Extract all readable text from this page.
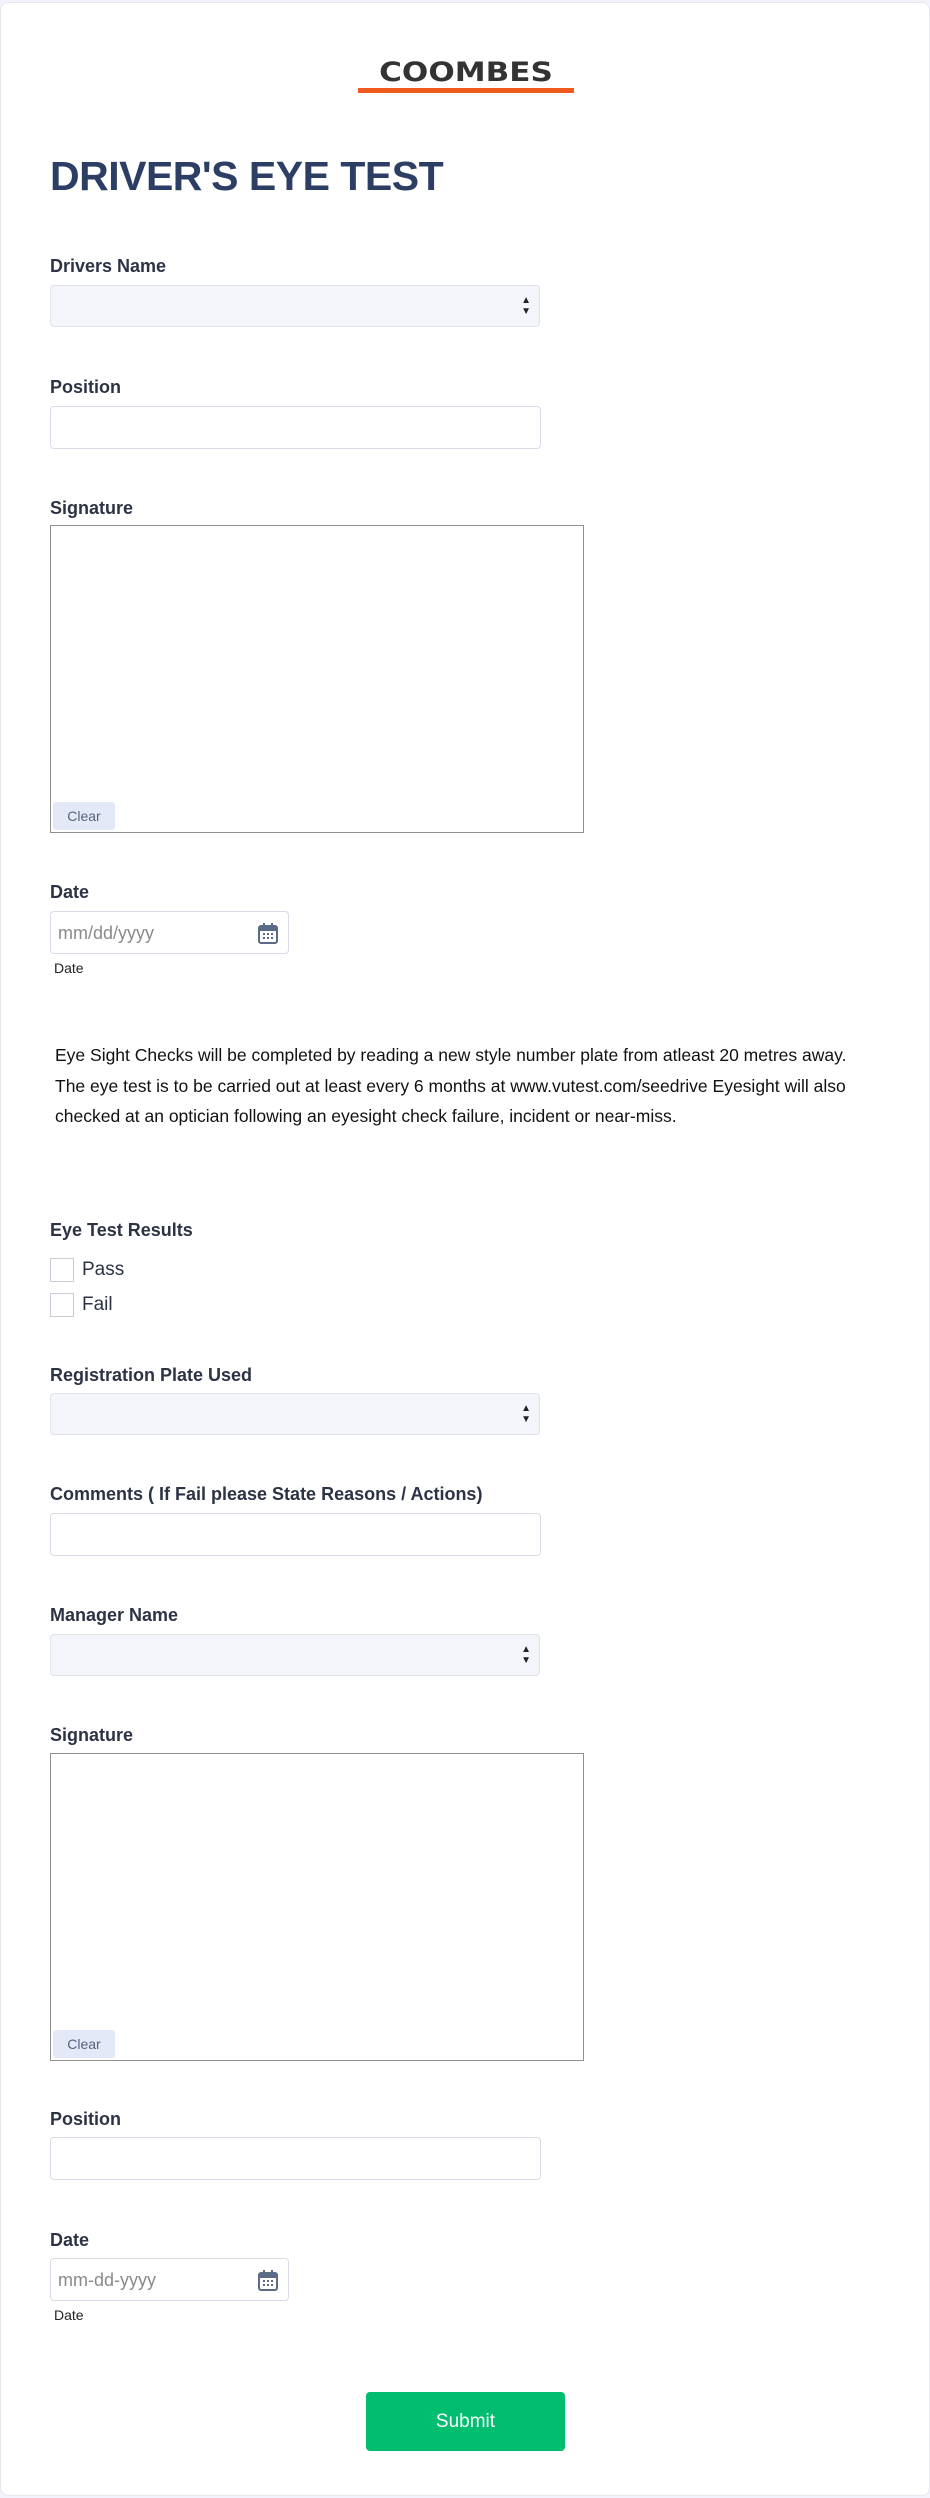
COOMBES
DRIVER'S EYE TEST
Drivers Name
▲
▼
Position
Signature
Clear
Date
mm/dd/yyyy
Date
Eye Sight Checks will be completed by reading a new style number plate from atleast 20 metres away. The eye test is to be carried out at least every 6 months at www.vutest.com/seedrive Eyesight will also checked at an optician following an eyesight check failure, incident or near-miss.
Eye Test Results
Pass
Fail
Registration Plate Used
▲
▼
Comments ( If Fail please State Reasons / Actions)
Manager Name
▲
▼
Signature
Clear
Position
Date
mm-dd-yyyy
Date
Submit
